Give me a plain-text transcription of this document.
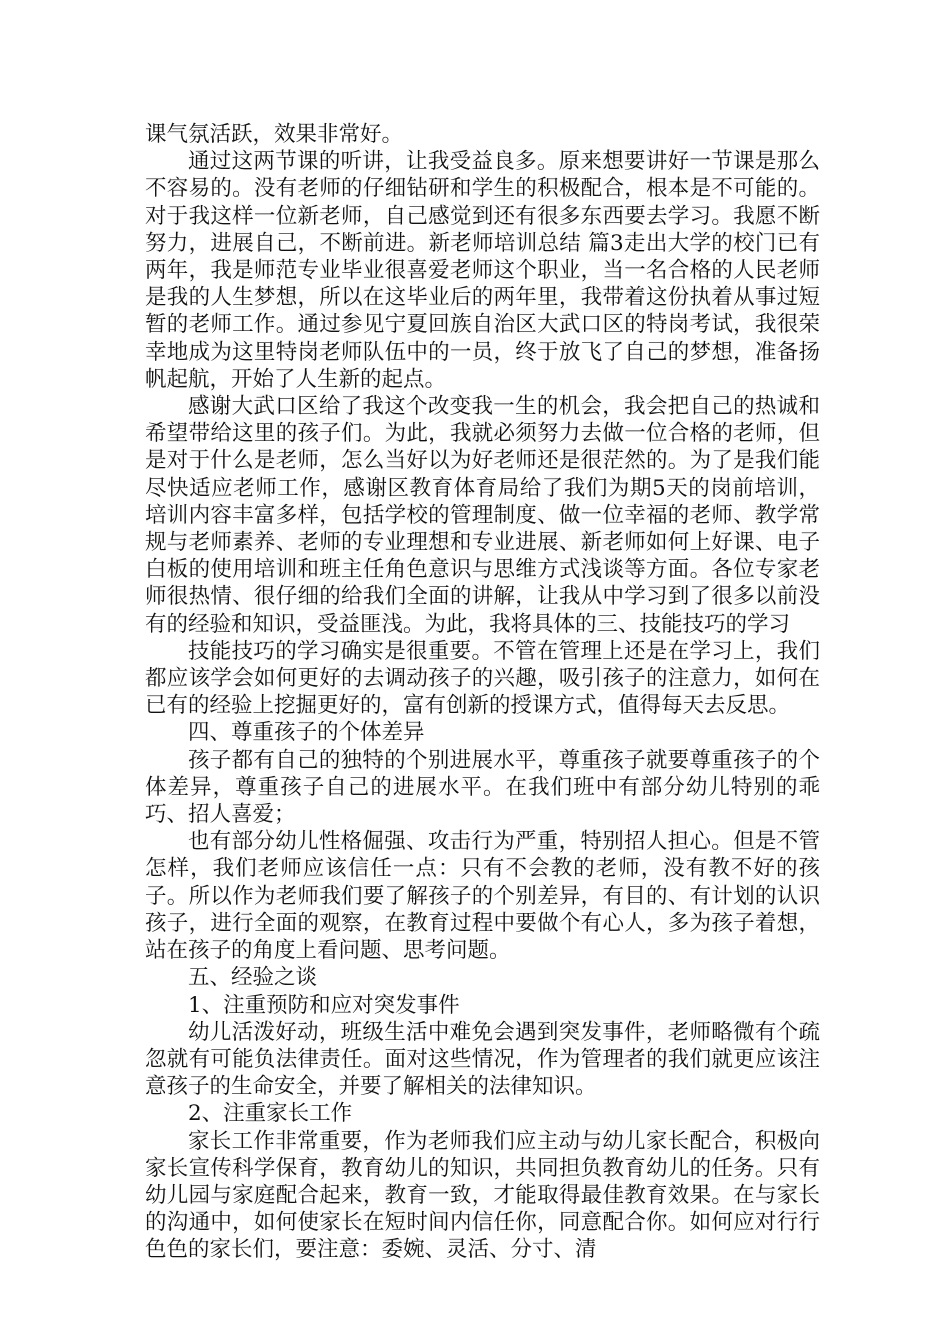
课气氛活跃，效果非常好。

通过这两节课的听讲，让我受益良多。原来想要讲好一节课是那么不容易的。没有老师的仔细钻研和学生的积极配合，根本是不可能的。对于我这样一位新老师，自己感觉到还有很多东西要去学习。我愿不断努力，进展自己，不断前进。新老师培训总结 篇3走出大学的校门已有两年，我是师范专业毕业很喜爱老师这个职业，当一名合格的人民老师是我的人生梦想，所以在这毕业后的两年里，我带着这份执着从事过短暂的老师工作。通过参见宁夏回族自治区大武口区的特岗考试，我很荣幸地成为这里特岗老师队伍中的一员，终于放飞了自己的梦想，准备扬帆起航，开始了人生新的起点。

感谢大武口区给了我这个改变我一生的机会，我会把自己的热诚和希望带给这里的孩子们。为此，我就必须努力去做一位合格的老师，但是对于什么是老师，怎么当好以为好老师还是很茫然的。为了是我们能尽快适应老师工作，感谢区教育体育局给了我们为期5天的岗前培训，培训内容丰富多样，包括学校的管理制度、做一位幸福的老师、教学常规与老师素养、老师的专业理想和专业进展、新老师如何上好课、电子白板的使用培训和班主任角色意识与思维方式浅谈等方面。各位专家老师很热情、很仔细的给我们全面的讲解，让我从中学习到了很多以前没有的经验和知识，受益匪浅。为此，我将具体的三、技能技巧的学习

技能技巧的学习确实是很重要。不管在管理上还是在学习上，我们都应该学会如何更好的去调动孩子的兴趣，吸引孩子的注意力，如何在已有的经验上挖掘更好的，富有创新的授课方式，值得每天去反思。

四、尊重孩子的个体差异

孩子都有自己的独特的个别进展水平，尊重孩子就要尊重孩子的个体差异，尊重孩子自己的进展水平。在我们班中有部分幼儿特别的乖巧、招人喜爱；

也有部分幼儿性格倔强、攻击行为严重，特别招人担心。但是不管怎样，我们老师应该信任一点：只有不会教的老师，没有教不好的孩子。所以作为老师我们要了解孩子的个别差异，有目的、有计划的认识孩子，进行全面的观察，在教育过程中要做个有心人，多为孩子着想，站在孩子的角度上看问题、思考问题。

五、经验之谈

1、注重预防和应对突发事件

幼儿活泼好动，班级生活中难免会遇到突发事件，老师略微有个疏忽就有可能负法律责任。面对这些情况，作为管理者的我们就更应该注意孩子的生命安全，并要了解相关的法律知识。

2、注重家长工作

家长工作非常重要，作为老师我们应主动与幼儿家长配合，积极向家长宣传科学保育，教育幼儿的知识，共同担负教育幼儿的任务。只有幼儿园与家庭配合起来，教育一致，才能取得最佳教育效果。在与家长的沟通中，如何使家长在短时间内信任你，同意配合你。如何应对行行色色的家长们，要注意：委婉、灵活、分寸、清
